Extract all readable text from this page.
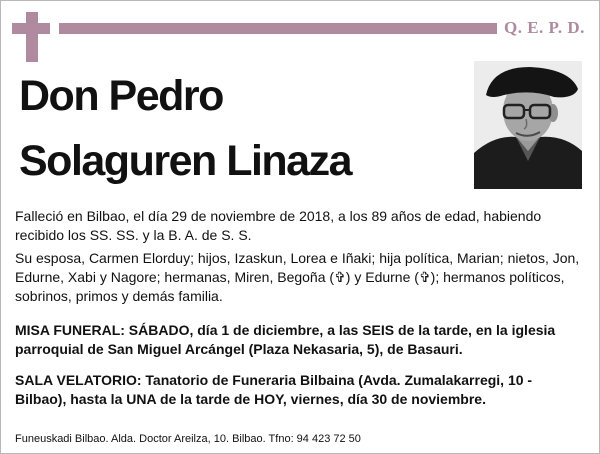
Q. E. P. D.
Don Pedro
Solaguren Linaza
Falleció en Bilbao, el día 29 de noviembre de 2018, a los 89 años de edad, habiendo recibido los SS. SS. y la B. A. de S. S.
Su esposa, Carmen Elorduy; hijos, Izaskun, Lorea e Iñaki; hija política, Marian; nietos, Jon, Edurne, Xabi y Nagore; hermanas, Miren, Begoña (✞) y Edurne (✞); hermanos políticos, sobrinos, primos y demás familia.
MISA FUNERAL: SÁBADO, día 1 de diciembre, a las SEIS de la tarde, en la iglesia parroquial de San Miguel Arcángel (Plaza Nekasaria, 5), de Basauri.
SALA VELATORIO: Tanatorio de Funeraria Bilbaina (Avda. Zumalakarregi, 10 - Bilbao), hasta la UNA de la tarde de HOY, viernes, día 30 de noviembre.
Funeuskadi Bilbao. Alda. Doctor Areilza, 10. Bilbao. Tfno: 94 423 72 50
